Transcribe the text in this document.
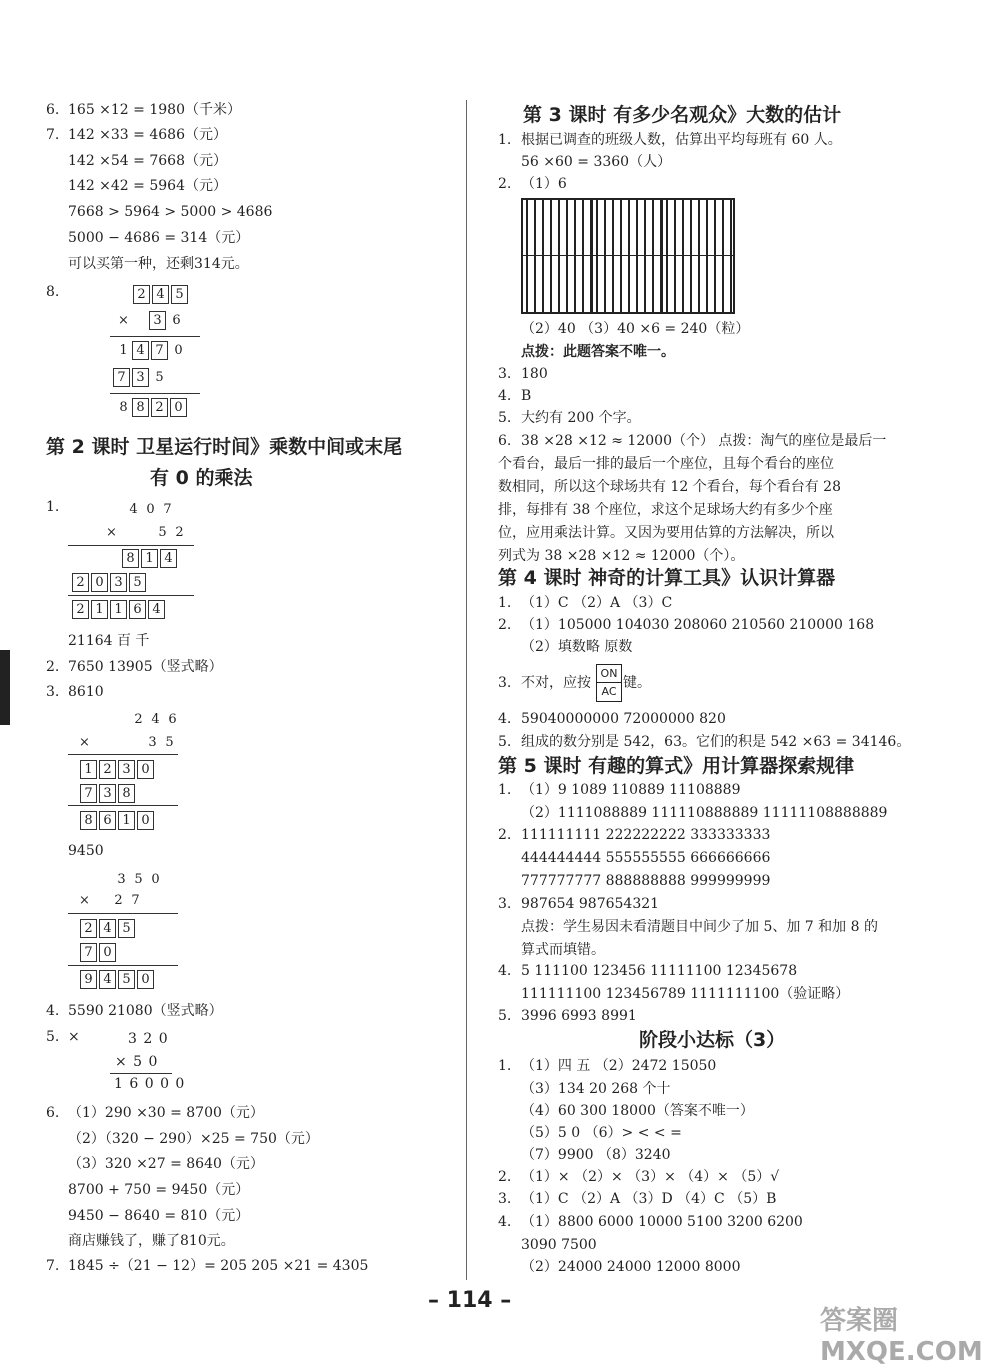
6. 165 ×12 = 1980（千米）
7. 142 ×33 = 4686（元）
142 ×54 = 7668（元）
142 ×42 = 5964（元）
7668 > 5964 > 5000 > 4686
5000 − 4686 = 314（元）
可以买第一种，还剩314元。
8.	2 4 5
× 3 6
1 4 7 0
7 3 5
8 8 2 0
第 2 课时 卫星运行时间》乘数中间或末尾
有 0 的乘法
1.	4 0 7
×	5 2
8 1 4
2 0 3 5
2 1 1 6 4
21164 百 千
2. 7650 13905（竖式略）
3. 8610
2 4 6
×	3 5
1 2 3 0
7 3 8
8 6 1 0
9450
3 5 0
× 2 7
2 4 5
7 0
9 4 5 0
4. 5590 21080（竖式略）
5. ×	3 2 0
× 5 0
1 6 0 0 0
6. （1）290 ×30 = 8700（元）
（2）（320 − 290）×25 = 750（元）
（3）320 ×27 = 8640（元）
8700 + 750 = 9450（元）
9450 − 8640 = 810（元）
商店赚钱了，赚了810元。
7. 1845 ÷（21 − 12）= 205 205 ×21 = 4305
第 3 课时 有多少名观众》大数的估计
1. 根据已调查的班级人数，估算出平均每班有 60 人。
56 ×60 = 3360（人）
2. （1）6
（2）40 （3）40 ×6 = 240（粒）
点拨：此题答案不唯一。
3. 180
4. B
5. 大约有 200 个字。
6. 38 ×28 ×12 ≈ 12000（个） 点拨：淘气的座位是最后一
个看台，最后一排的最后一个座位，且每个看台的座位
数相同，所以这个球场共有 12 个看台，每个看台有 28
排，每排有 38 个座位，求这个足球场大约有多少个座
位，应用乘法计算。又因为要用估算的方法解决，所以
列式为 38 ×28 ×12 ≈ 12000（个）。
第 4 课时 神奇的计算工具》认识计算器
1. （1）C （2）A （3）C
2. （1）105000 104030 208060 210560 210000 168
（2）填数略 原数
3. 不对，应按
ON
AC
键。
4. 59040000000 72000000 820
5. 组成的数分别是 542，63。它们的积是 542 ×63 = 34146。
第 5 课时 有趣的算式》用计算器探索规律
1. （1）9 1089 110889 11108889
（2）1111088889 111110888889 11111108888889
2. 111111111 222222222 333333333
444444444 555555555 666666666
777777777 888888888 999999999
3. 987654 987654321
点拨：学生易因未看清题目中间少了加 5、加 7 和加 8 的
算式而填错。
4. 5 111100 123456 11111100 12345678
111111100 123456789 1111111100（验证略）
5. 3996 6993 8991
阶段小达标（3）
1. （1）四 五 （2）2472 15050
（3）134 20 268 个十
（4）60 300 18000（答案不唯一）
（5）5 0 （6）> < < =
（7）9900 （8）3240
2. （1）× （2）× （3）× （4）× （5）√
3. （1）C （2）A （3）D （4）C （5）B
4. （1）8800 6000 10000 5100 3200 6200
3090 7500
（2）24000 24000 12000 8000
– 114 –
答案圈 MXQE.COM
